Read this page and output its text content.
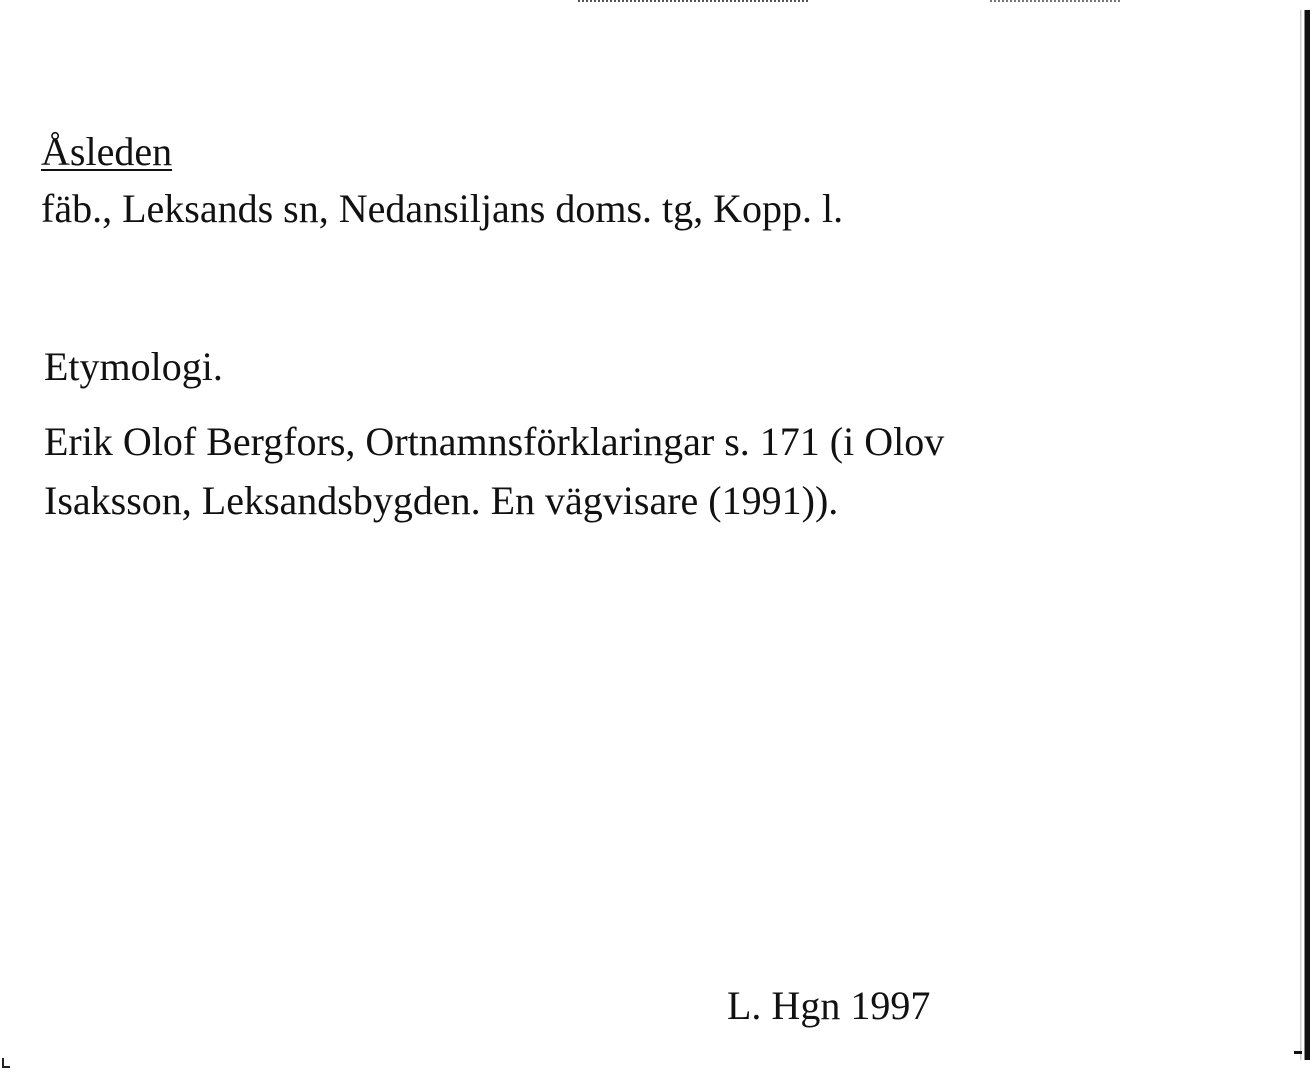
Åsleden
fäb., Leksands sn, Nedansiljans doms. tg, Kopp. l.
Etymologi.
Erik Olof Bergfors, Ortnamnsförklaringar s. 171 (i Olov
Isaksson, Leksandsbygden. En vägvisare (1991)).
L. Hgn 1997
